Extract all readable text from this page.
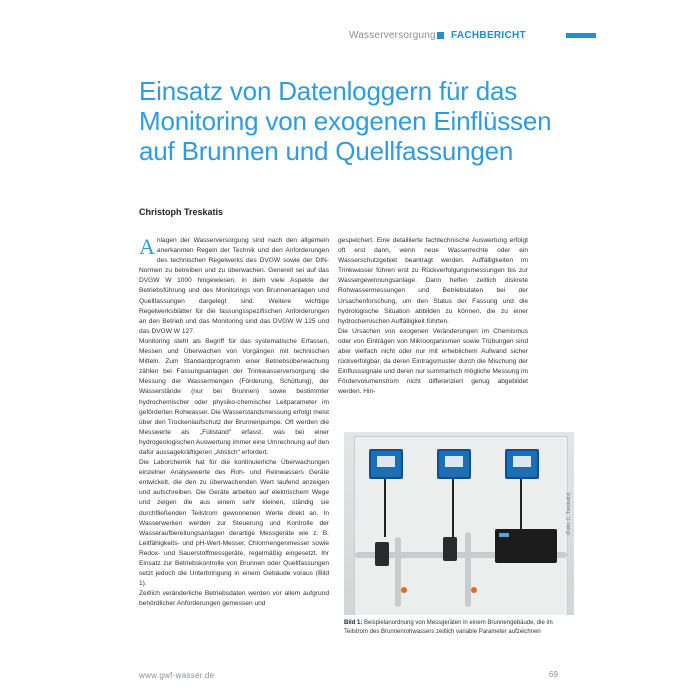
Wasserversorgung FACHBERICHT
Einsatz von Datenloggern für das Monitoring von exogenen Einflüssen auf Brunnen und Quellfassungen
Christoph Treskatis

Anlagen der Wasserversorgung sind nach den allgemein anerkannten Regeln der Technik und den Anforderungen des technischen Regelwerks des DVGW sowie der DIN-Normen zu betreiben und zu überwachen. Generell sei auf das DVGW W 1000 hingewiesen, in dem viele Aspekte der Betriebsführung und des Monitorings von Brunnenanlagen und Quellfassungen dargelegt sind. Weitere wichtige Regelwerksblätter für die fassungsspezifischen Anforderungen an den Betrieb und das Monitoring sind das DVGW W 125 und das DVGW W 127.

Monitoring steht als Begriff für das systematische Erfassen, Messen und Überwachen von Vorgängen mit technischen Mitteln. Zum Standardprogramm einer Betriebsüberwachung zählen bei Fassungsanlagen der Trinkwasserversorgung die Messung der Wassermengen (Förderung, Schüttung), der Wasserstände (nur bei Brunnen) sowie bestimmter hydrochemischer oder physiko-chemischer Leitparameter im geförderten Rohwasser. Die Wasserstandsmessung erfolgt meist über den Trockenlaufschutz der Brunnenpumpe. Oft werden die Messwerte als „Füllstand“ erfasst, was bei einer hydrogeologischen Auswertung immer eine Umrechnung auf den dafür aussagekräftigeren „Abstich“ erfordert.

Die Laborchemik hat für die kontinuierliche Überwachungen einzelner Analysewerte des Roh- und Reinwassers Geräte entwickelt, die den zu überwachenden Wert laufend anzeigen und aufschreiben. Die Geräte arbeiten auf elektrischem Wege und zeigen die aus einem sehr kleinen, ständig sie durchfließenden Teilstrom gewonnenen Werte direkt an. In Wasserwerken werden zur Steuerung und Kontrolle der Wasseraufbereitungsanlagen derartige Messgeräte wie z. B. Leitfähigkeits- und pH-Wert-Messer, Chlormengenmesser sowie Redox- und Sauerstoffmessgeräte, regelmäßig eingesetzt. Ihr Einsatz zur Betriebskontrolle von Brunnen oder Quellfassungen setzt jedoch die Unterbringung in einem Gebäude voraus (Bild 1).

Zeitlich veränderliche Betriebsdaten werden vor allem aufgrund behördlicher Anforderungen gemessen und

gespeichert. Eine detaillierte fachtechnische Auswertung erfolgt oft erst dann, wenn neue Wasserrechte oder ein Wasserschutzgebiet beantragt werden. Auffälligkeiten im Trinkwasser führen erst zu Rückverfolgungsmessungen bis zur Wassergewinnungsanlage. Dann helfen zeitlich diskrete Rohwassermessungen und Betriebsdaten bei der Ursachenforschung, um den Status der Fassung und die hydrologische Situation abbilden zu können, die zu einer hydrochemischen Auffälligkeit führten.

Die Ursachen von exogenen Veränderungen im Chemismus oder von Einträgen von Mikroorganismen sowie Trübungen sind aber vielfach nicht oder nur mit erheblichem Aufwand sicher rückverfolgbar, da deren Eintragsmuster durch die Mischung der Einflusssignale und deren nur summarisch mögliche Messung im Fördervolumenstrom nicht differenziert genug abgebildet werden. Hin-

(Foto: C. Treskatis)
Bild 1: Beispielanordnung von Messgeräten in einem Brunnengebäude, die im Teilstrom des Brunnenrohwassers zeitlich variable Parameter aufzeichnen
www.gwf-wasser.de	69
